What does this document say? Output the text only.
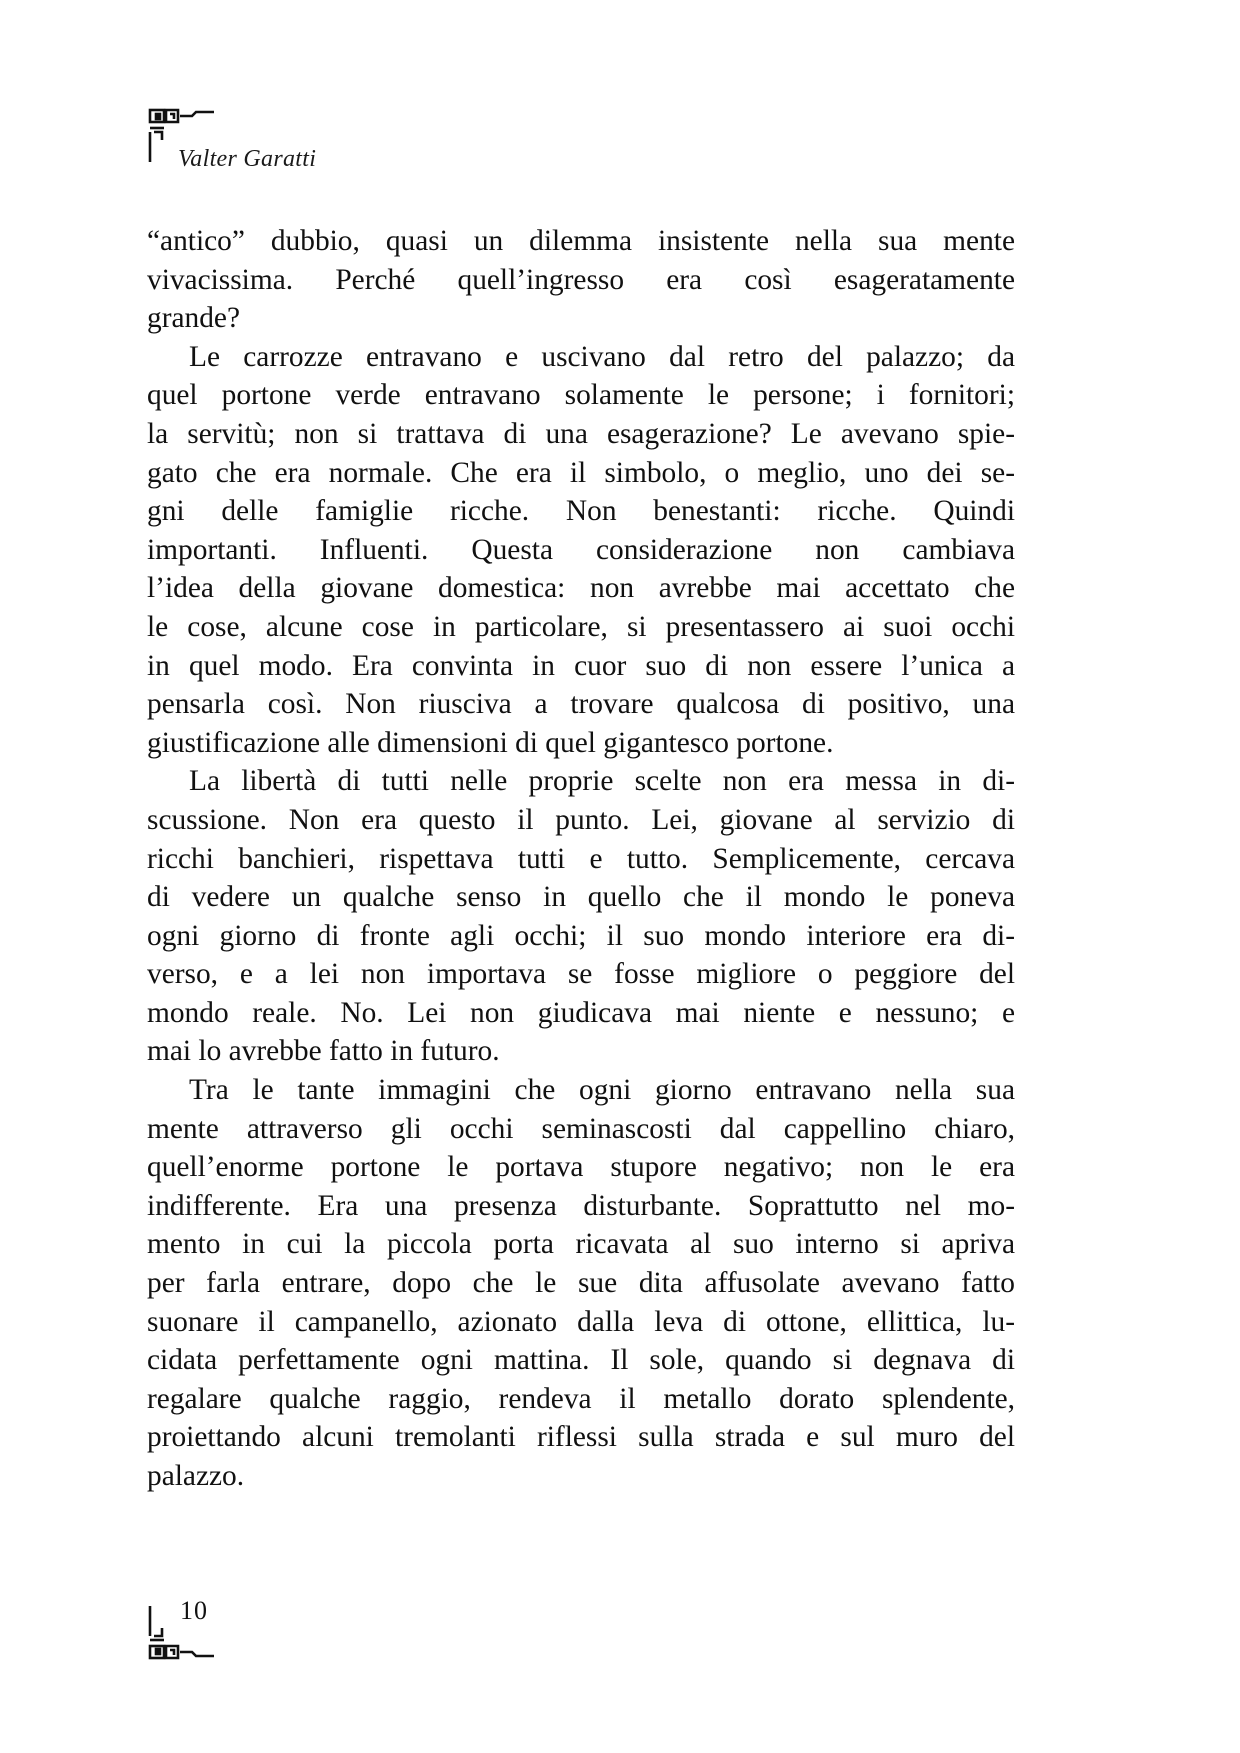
Valter Garatti
“antico” dubbio, quasi un dilemma insistente nella sua mente
vivacissima. Perché quell’ingresso era così esageratamente
grande?
Le carrozze entravano e uscivano dal retro del palazzo; da
quel portone verde entravano solamente le persone; i fornitori;
la servitù; non si trattava di una esagerazione? Le avevano spie-
gato che era normale. Che era il simbolo, o meglio, uno dei se-
gni delle famiglie ricche. Non benestanti: ricche. Quindi
importanti. Influenti. Questa considerazione non cambiava
l’idea della giovane domestica: non avrebbe mai accettato che
le cose, alcune cose in particolare, si presentassero ai suoi occhi
in quel modo. Era convinta in cuor suo di non essere l’unica a
pensarla così. Non riusciva a trovare qualcosa di positivo, una
giustificazione alle dimensioni di quel gigantesco portone.
La libertà di tutti nelle proprie scelte non era messa in di-
scussione. Non era questo il punto. Lei, giovane al servizio di
ricchi banchieri, rispettava tutti e tutto. Semplicemente, cercava
di vedere un qualche senso in quello che il mondo le poneva
ogni giorno di fronte agli occhi; il suo mondo interiore era di-
verso, e a lei non importava se fosse migliore o peggiore del
mondo reale. No. Lei non giudicava mai niente e nessuno; e
mai lo avrebbe fatto in futuro.
Tra le tante immagini che ogni giorno entravano nella sua
mente attraverso gli occhi seminascosti dal cappellino chiaro,
quell’enorme portone le portava stupore negativo; non le era
indifferente. Era una presenza disturbante. Soprattutto nel mo-
mento in cui la piccola porta ricavata al suo interno si apriva
per farla entrare, dopo che le sue dita affusolate avevano fatto
suonare il campanello, azionato dalla leva di ottone, ellittica, lu-
cidata perfettamente ogni mattina. Il sole, quando si degnava di
regalare qualche raggio, rendeva il metallo dorato splendente,
proiettando alcuni tremolanti riflessi sulla strada e sul muro del
palazzo.
10
